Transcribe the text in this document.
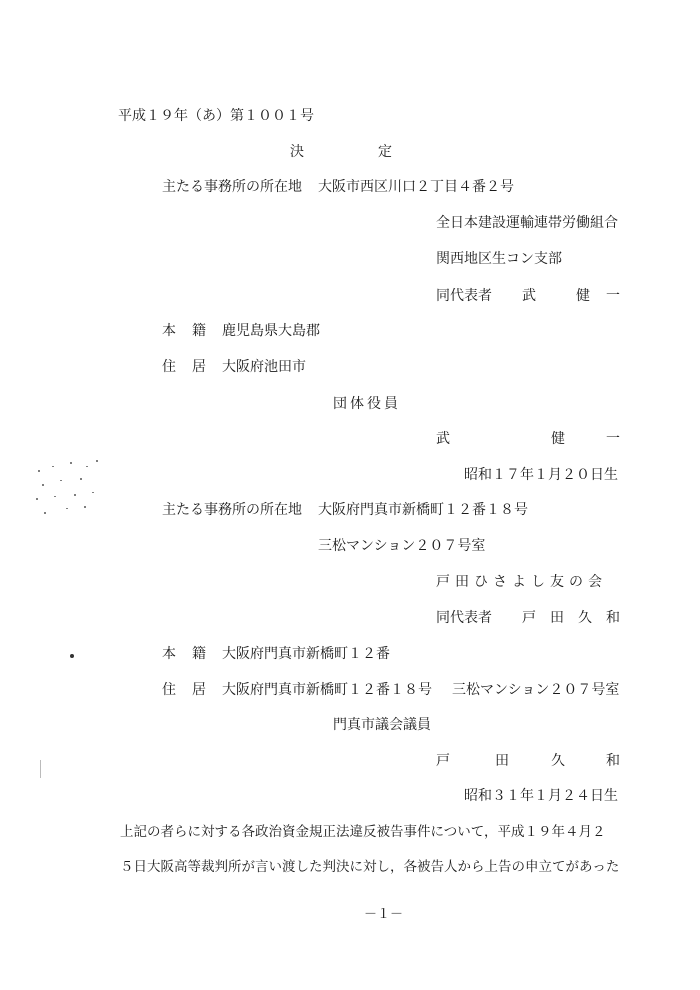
平成１９年（あ）第１００１号
決	定
主たる事務所の所在地 大阪市西区川口２丁目４番２号
全日本建設運輸連帯労働組合
関西地区生コン支部
同代表者 武	健 一
本 籍 鹿児島県大島郡
住 居 大阪府池田市
団体役員
武	健	一
昭和１７年１月２０日生
主たる事務所の所在地 大阪府門真市新橋町１２番１８号
三松マンション２０７号室
戸田ひさよし友の会
同代表者 戸　田　久　和
本 籍 大阪府門真市新橋町１２番
住 居 大阪府門真市新橋町１２番１８号 三松マンション２０７号室
門真市議会議員
戸	田	久	和
昭和３１年１月２４日生
上記の者らに対する各政治資金規正法違反被告事件について，平成１９年４月２
５日大阪高等裁判所が言い渡した判決に対し，各被告人から上告の申立てがあった
－１－
